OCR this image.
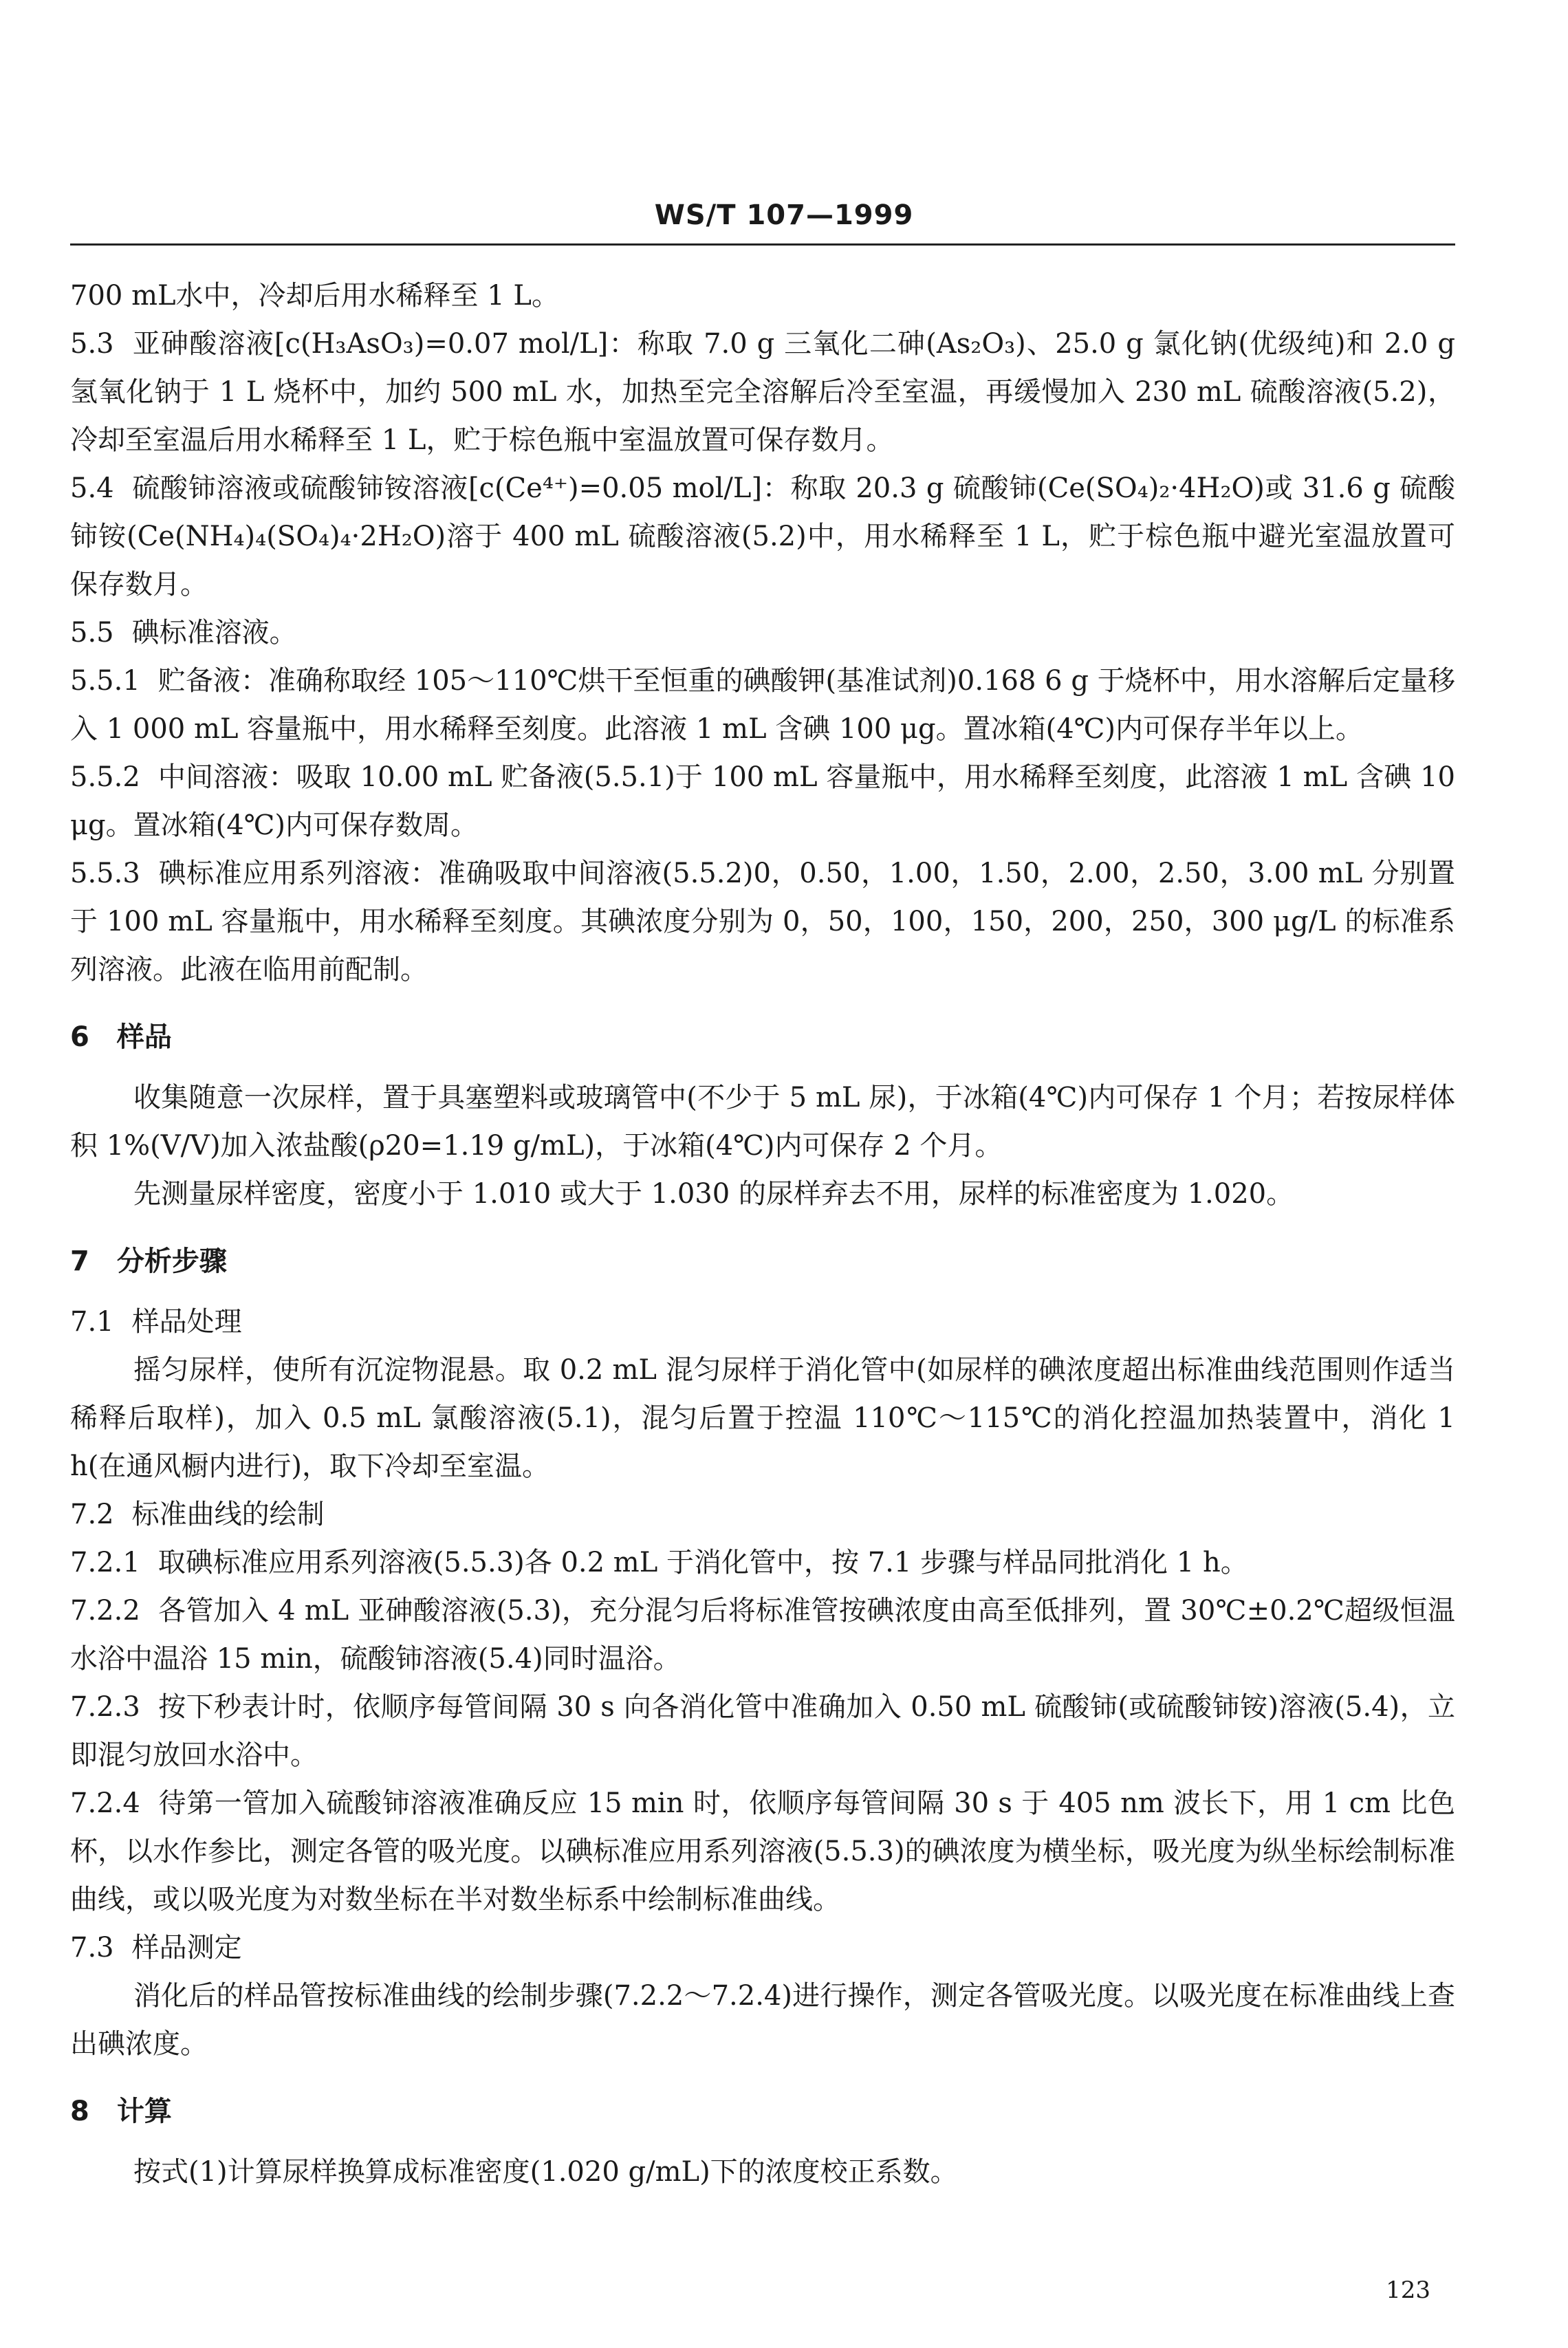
WS/T 107—1999

700 mL水中，冷却后用水稀释至 1 L。

5.3 亚砷酸溶液[c(H₃AsO₃)=0.07 mol/L]：称取 7.0 g 三氧化二砷(As₂O₃)、25.0 g 氯化钠(优级纯)和 2.0 g 氢氧化钠于 1 L 烧杯中，加约 500 mL 水，加热至完全溶解后冷至室温，再缓慢加入 230 mL 硫酸溶液(5.2)，冷却至室温后用水稀释至 1 L，贮于棕色瓶中室温放置可保存数月。

5.4 硫酸铈溶液或硫酸铈铵溶液[c(Ce⁴⁺)=0.05 mol/L]：称取 20.3 g 硫酸铈(Ce(SO₄)₂·4H₂O)或 31.6 g 硫酸铈铵(Ce(NH₄)₄(SO₄)₄·2H₂O)溶于 400 mL 硫酸溶液(5.2)中，用水稀释至 1 L，贮于棕色瓶中避光室温放置可保存数月。

5.5 碘标准溶液。

5.5.1 贮备液：准确称取经 105～110℃烘干至恒重的碘酸钾(基准试剂)0.168 6 g 于烧杯中，用水溶解后定量移入 1 000 mL 容量瓶中，用水稀释至刻度。此溶液 1 mL 含碘 100 μg。置冰箱(4℃)内可保存半年以上。

5.5.2 中间溶液：吸取 10.00 mL 贮备液(5.5.1)于 100 mL 容量瓶中，用水稀释至刻度，此溶液 1 mL 含碘 10 μg。置冰箱(4℃)内可保存数周。

5.5.3 碘标准应用系列溶液：准确吸取中间溶液(5.5.2)0，0.50，1.00，1.50，2.00，2.50，3.00 mL 分别置于 100 mL 容量瓶中，用水稀释至刻度。其碘浓度分别为 0，50，100，150，200，250，300 μg/L 的标准系列溶液。此液在临用前配制。

6 样品

收集随意一次尿样，置于具塞塑料或玻璃管中(不少于 5 mL 尿)，于冰箱(4℃)内可保存 1 个月；若按尿样体积 1%(V/V)加入浓盐酸(ρ20=1.19 g/mL)，于冰箱(4℃)内可保存 2 个月。

先测量尿样密度，密度小于 1.010 或大于 1.030 的尿样弃去不用，尿样的标准密度为 1.020。

7 分析步骤

7.1 样品处理

摇匀尿样，使所有沉淀物混悬。取 0.2 mL 混匀尿样于消化管中(如尿样的碘浓度超出标准曲线范围则作适当稀释后取样)，加入 0.5 mL 氯酸溶液(5.1)，混匀后置于控温 110℃～115℃的消化控温加热装置中，消化 1 h(在通风橱内进行)，取下冷却至室温。

7.2 标准曲线的绘制

7.2.1 取碘标准应用系列溶液(5.5.3)各 0.2 mL 于消化管中，按 7.1 步骤与样品同批消化 1 h。

7.2.2 各管加入 4 mL 亚砷酸溶液(5.3)，充分混匀后将标准管按碘浓度由高至低排列，置 30℃±0.2℃超级恒温水浴中温浴 15 min，硫酸铈溶液(5.4)同时温浴。

7.2.3 按下秒表计时，依顺序每管间隔 30 s 向各消化管中准确加入 0.50 mL 硫酸铈(或硫酸铈铵)溶液(5.4)，立即混匀放回水浴中。

7.2.4 待第一管加入硫酸铈溶液准确反应 15 min 时，依顺序每管间隔 30 s 于 405 nm 波长下，用 1 cm 比色杯，以水作参比，测定各管的吸光度。以碘标准应用系列溶液(5.5.3)的碘浓度为横坐标，吸光度为纵坐标绘制标准曲线，或以吸光度为对数坐标在半对数坐标系中绘制标准曲线。

7.3 样品测定

消化后的样品管按标准曲线的绘制步骤(7.2.2～7.2.4)进行操作，测定各管吸光度。以吸光度在标准曲线上查出碘浓度。

8 计算

按式(1)计算尿样换算成标准密度(1.020 g/mL)下的浓度校正系数。

123
